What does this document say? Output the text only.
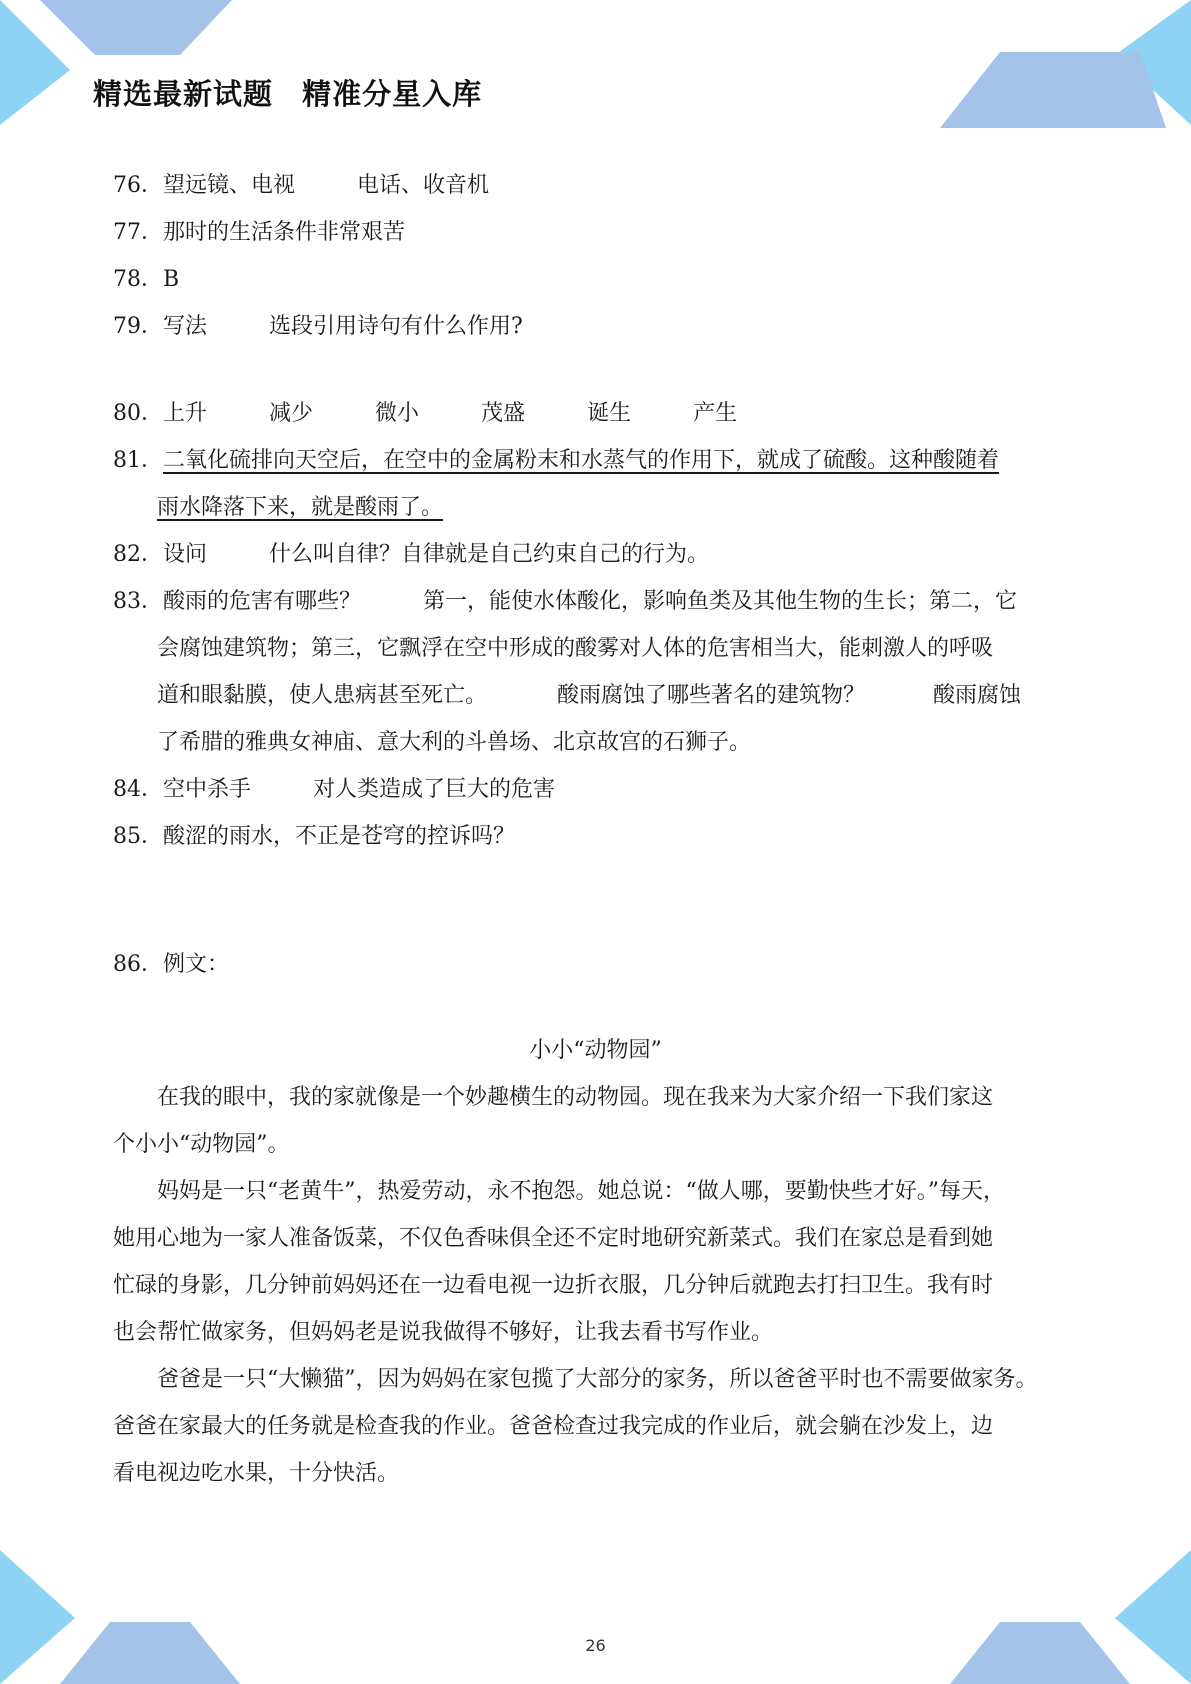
精选最新试题 精准分星入库
76．望远镜、电视	电话、收音机
77．那时的生活条件非常艰苦
78．B
79．写法	选段引用诗句有什么作用?
80．上升	减少	微小	茂盛	诞生	产生
81．二氧化硫排向天空后，在空中的金属粉末和水蒸气的作用下，就成了硫酸。这种酸随着
雨水降落下来，就是酸雨了。
82．设问	什么叫自律？自律就是自己约束自己的行为。
83．酸雨的危害有哪些？	第一，能使水体酸化，影响鱼类及其他生物的生长；第二，它
会腐蚀建筑物；第三，它飘浮在空中形成的酸雾对人体的危害相当大，能刺激人的呼吸
道和眼黏膜，使人患病甚至死亡。	酸雨腐蚀了哪些著名的建筑物？	酸雨腐蚀
了希腊的雅典女神庙、意大利的斗兽场、北京故宫的石狮子。
84．空中杀手	对人类造成了巨大的危害
85．酸涩的雨水，不正是苍穹的控诉吗？
86．例文：
小小“动物园”
在我的眼中，我的家就像是一个妙趣横生的动物园。现在我来为大家介绍一下我们家这
个小小“动物园”。
妈妈是一只“老黄牛”，热爱劳动，永不抱怨。她总说：“做人哪，要勤快些才好。”每天，
她用心地为一家人准备饭菜，不仅色香味俱全还不定时地研究新菜式。我们在家总是看到她
忙碌的身影，几分钟前妈妈还在一边看电视一边折衣服，几分钟后就跑去打扫卫生。我有时
也会帮忙做家务，但妈妈老是说我做得不够好，让我去看书写作业。
爸爸是一只“大懒猫”，因为妈妈在家包揽了大部分的家务，所以爸爸平时也不需要做家务。
爸爸在家最大的任务就是检查我的作业。爸爸检查过我完成的作业后，就会躺在沙发上，边
看电视边吃水果，十分快活。
26
